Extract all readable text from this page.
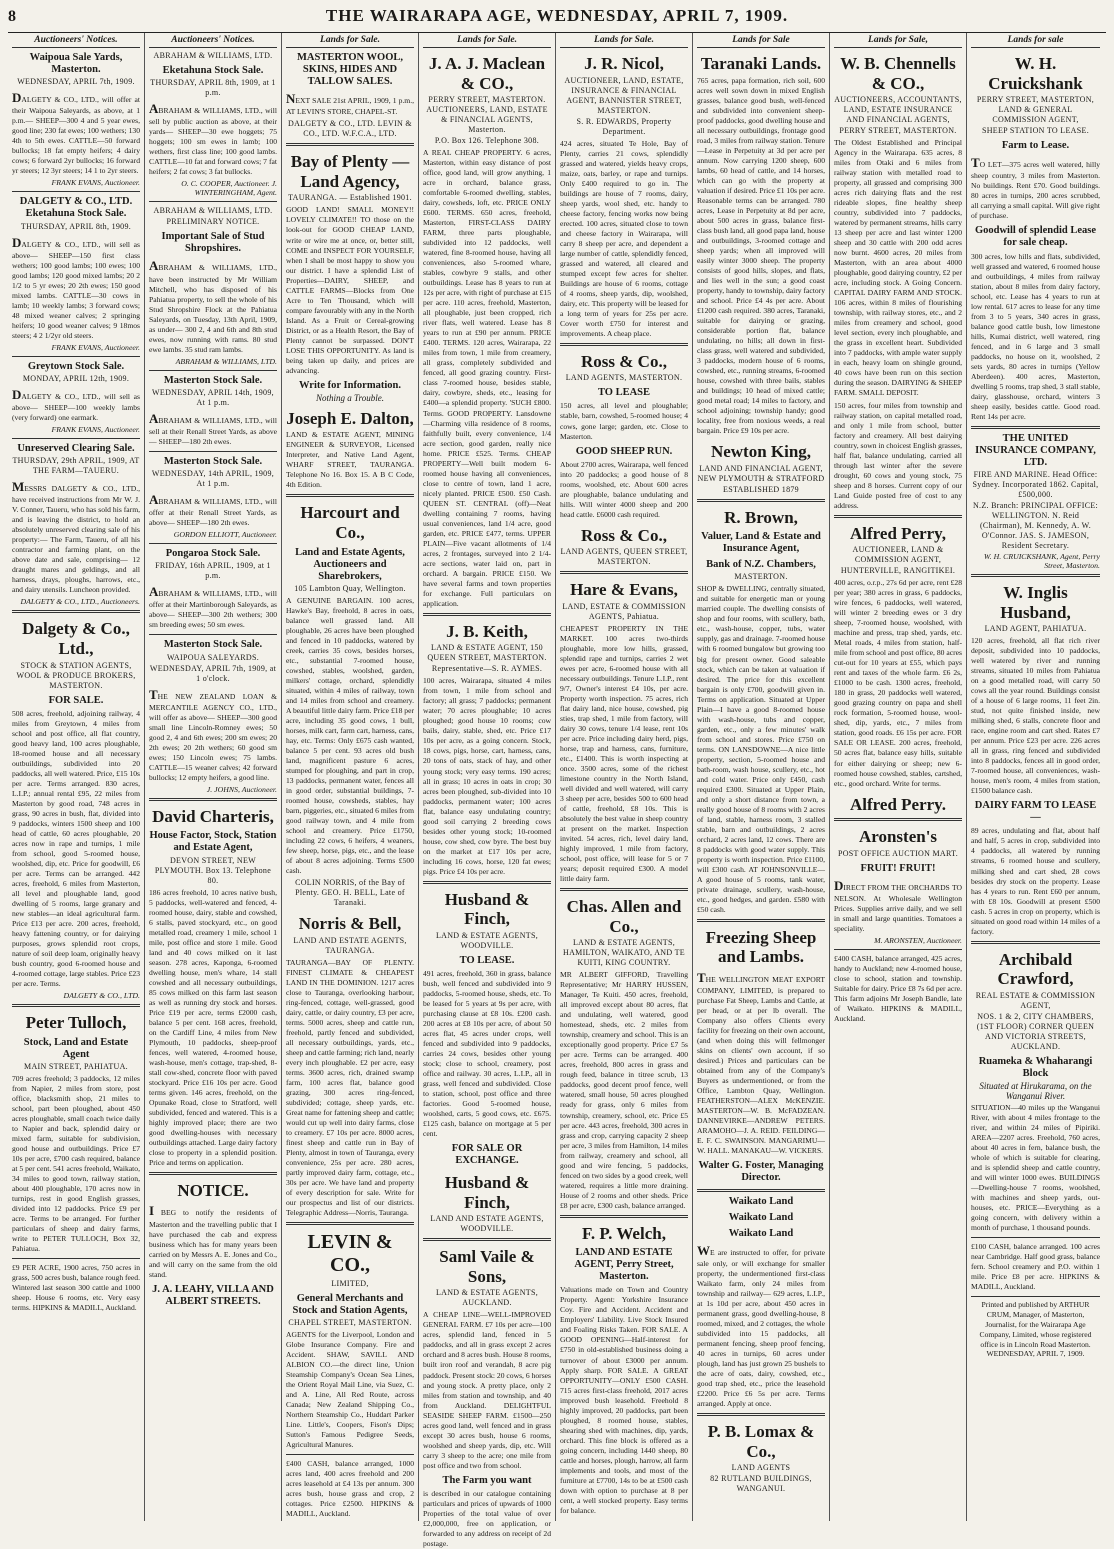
8	THE WAIRARAPA AGE, WEDNESDAY, APRIL 7, 1909.
Auctioneers' Notices.
Waipoua Sale Yards, Masterton.
WEDNESDAY, APRIL 7th, 1909.

DALGETY & CO., LTD., will offer at their Waipoua Saleyards, as above, at 1 p.m.— SHEEP—300 4 and 5 year ewes, good line; 230 fat ewes; 100 wethers; 130 4th to 5th ewes. CATTLE—50 forward bullocks; 18 fat empty heifers; 4 dairy cows; 6 forward 2yr bullocks; 16 forward yr steers; 12 3yr steers; 14 1 to 2yr steers.

FRANK EVANS, Auctioneer.
DALGETY & CO., LTD. Eketahuna Stock Sale.
THURSDAY, APRIL 8th, 1909.

DALGETY & CO., LTD., will sell as above— SHEEP—150 first class wethers; 100 good lambs; 100 ewes; 100 good lambs; 120 good mixed lambs; 20 2 1/2 to 5 yr ewes; 20 2th ewes; 150 good mixed lambs. CATTLE—30 cows in lamb; 10 weekly lambs; 3 forward cows; 48 mixed weaner calves; 2 springing heifers; 10 good weaner calves; 9 18mos steers; 4 2 1/2yr old steers.

FRANK EVANS, Auctioneer.
Greytown Stock Sale.
MONDAY, APRIL 12th, 1909.

DALGETY & CO., LTD., will sell as above— SHEEP—100 weekly lambs (very forward) one earmark.

FRANK EVANS, Auctioneer.
Unreserved Clearing Sale.
THURSDAY, 29th APRIL, 1909, AT THE FARM—TAUERU.

MESSRS DALGETY & CO., LTD., have received instructions from Mr W. J. V. Conner, Taueru, who has sold his farm, and is leaving the district, to hold an absolutely unreserved clearing sale of his property:— The Farm, Taueru, of all his contractor and farming plant, on the above date and sale, comprising— 12 draught mares and geldings, and all harness, drays, ploughs, harrows, etc., and dairy utensils. Luncheon provided.

DALGETY & CO., LTD., Auctioneers.
Dalgety & Co., Ltd.,
STOCK & STATION AGENTS, WOOL & PRODUCE BROKERS, MASTERTON.
FOR SALE.

508 acres, freehold, adjoining railway, 4 miles from Greytown, 4 miles from school and post office, all flat country, good heavy land, 100 acres ploughable, 18-roomed house and all necessary outbuildings, subdivided into 20 paddocks, all well watered. Price, £15 10s per acre. Terms arranged. 830 acres, L.I.P.; annual rental £95, 22 miles from Masterton by good road, 748 acres in grass, 90 acres in bush, flat, divided into 9 paddocks, winters 1500 sheep and 100 head of cattle, 60 acres ploughable, 20 acres now in rape and turnips, 1 mile from school, good 5-roomed house, woolshed, dip, etc. Price for goodwill, £6 per acre. Terms can be arranged. 442 acres, freehold, 6 miles from Masterton, all level and ploughable land, good dwelling of 5 rooms, large granary and new stables—an ideal agricultural farm. Price £13 per acre. 200 acres, freehold, heavy fattening country, or for dairying purposes, grows splendid root crops, nature of soil deep loam, originally heavy bush country, good 6-roomed house and 4-roomed cottage, large stables. Price £23 per acre. Terms.

DALGETY & CO., LTD.
Peter Tulloch,
Stock, Land and Estate Agent
MAIN STREET, PAHIATUA.

709 acres freehold; 3 paddocks, 12 miles from Napier, 2 miles from store, post office, blacksmith shop, 21 miles to school, part been ploughed, about 450 acres ploughable, small coach twice daily to Napier and back, splendid dairy or mixed farm, suitable for subdivision, good house and outbuildings. Price £7 10s per acre, £700 cash required, balance at 5 per cent. 541 acres freehold, Waikato, 34 miles to good town, railway station, about 400 ploughable, 170 acres now in turnips, rest in good English grasses, divided into 12 paddocks. Price £9 per acre. Terms to be arranged. For further particulars of sheep and dairy farms, write to PETER TULLOCH, Box 32, Pahiatua.

£9 PER ACRE, 1900 acres, 750 acres in grass, 500 acres bush, balance rough feed. Wintered last season 300 cattle and 1000 sheep. House 6 rooms, etc. Very easy terms. HIPKINS & MADILL, Auckland.

Auctioneers' Notices.
ABRAHAM & WILLIAMS, LTD.
Eketahuna Stock Sale.
THURSDAY, APRIL 8th, 1909, at 1 p.m.

ABRAHAM & WILLIAMS, LTD., will sell by public auction as above, at their yards— SHEEP—30 ewe hoggets; 75 hoggets; 100 sm ewes in lamb; 100 wethers, first class line; 100 good lambs. CATTLE—10 fat and forward cows; 7 fat heifers; 2 fat cows; 3 fat bullocks.

O. C. COOPER, Auctioneer. J. WINTERINGHAM, Agent.
ABRAHAM & WILLIAMS, LTD.
PRELIMINARY NOTICE.
Important Sale of Stud Shropshires.

ABRAHAM & WILLIAMS, LTD., have been instructed by Mr William Mitchell, who has disposed of his Pahiatua property, to sell the whole of his Stud Shropshire Flock at the Pahiatua Saleyards, on Tuesday, 13th April, 1909, as under— 300 2, 4 and 6th and 8th stud ewes, now running with rams. 80 stud ewe lambs. 35 stud ram lambs.

ABRAHAM & WILLIAMS, LTD.
Masterton Stock Sale.
WEDNESDAY, APRIL 14th, 1909, At 1 p.m.

ABRAHAM & WILLIAMS, LTD., will sell at their Renall Street Yards, as above— SHEEP—180 2th ewes.

Masterton Stock Sale.
WEDNESDAY, 14th APRIL, 1909, At 1 p.m.

ABRAHAM & WILLIAMS, LTD., will offer at their Renall Street Yards, as above— SHEEP—180 2th ewes.

GORDON ELLIOTT, Auctioneer.
Pongaroa Stock Sale.
FRIDAY, 16th APRIL, 1909, at 1 p.m.

ABRAHAM & WILLIAMS, LTD., will offer at their Martinborough Saleyards, as above— SHEEP—300 2th wethers; 300 sm breeding ewes; 50 sm ewes.

Masterton Stock Sale.
WAIPOUA SALEYARDS.
WEDNESDAY, APRIL 7th, 1909, at 1 o'clock.

THE NEW ZEALAND LOAN & MERCANTILE AGENCY CO., LTD., will offer as above— SHEEP—300 good small line Lincoln-Romney ewes; 50 good 2, 4 and 6th ewes; 200 sm ewes; 20 2th ewes; 20 2th wethers; 60 good sm ewes; 150 Lincoln ewes; 75 lambs. CATTLE—15 weaner calves; 42 forward bullocks; 12 empty heifers, a good line.

J. JOHNS, Auctioneer.
David Charteris,
House Factor, Stock, Station and Estate Agent,
DEVON STREET, NEW PLYMOUTH. Box 13. Telephone 80.

186 acres freehold, 10 acres native bush, 5 paddocks, well-watered and fenced, 4-roomed house, dairy, stable and cowshed, 6 stalls, paved stockyard, etc., on good metalled road, creamery 1 mile, school 1 mile, post office and store 1 mile. Good land and 40 cows milked on it last season. 278 acres, Kaponga, 6-roomed dwelling house, men's whare, 14 stall cowshed and all necessary outbuildings, 85 cows milked on this farm last season as well as running dry stock and horses. Price £19 per acre, terms £2000 cash, balance 5 per cent. 168 acres, freehold, on the Cardiff Line, 4 miles from New Plymouth, 10 paddocks, sheep-proof fences, well watered, 4-roomed house, wash-house, men's cottage, trap-shed, 8-stall cow-shed, concrete floor with paved stockyard. Price £16 10s per acre. Good terms given. 146 acres, freehold, on the Opunake Road, close to Stratford, well subdivided, fenced and watered. This is a highly improved place; there are two good dwelling-houses with necessary outbuildings attached. Large dairy factory close to property in a splendid position. Price and terms on application.

NOTICE.

I BEG to notify the residents of Masterton and the travelling public that I have purchased the cab and express business which has for many years been carried on by Messrs A. E. Jones and Co., and will carry on the same from the old stand.

J. A. LEAHY, VILLA AND ALBERT STREETS.
Lands for Sale.
MASTERTON WOOL, SKINS, HIDES AND TALLOW SALES.

NEXT SALE 21st APRIL, 1909, 1 p.m., AT LEVIN'S STORE, CHAPEL-ST.

DALGETY & CO., LTD. LEVIN & CO., LTD. W.F.C.A., LTD.
Bay of Plenty — Land Agency,
TAURANGA. — Established 1901.

GOOD LAND! SMALL MONEY!! LOVELY CLIMATE!! TO those on the look-out for GOOD CHEAP LAND, write or wire me at once, or, better still, COME and INSPECT FOR YOURSELF, when I shall be most happy to show you our district. I have a splendid List of Properties—DAIRY, SHEEP, and CATTLE FARMS—Blocks from One Acre to Ten Thousand, which will compare favourably with any in the North Island. As a Fruit or Cereal-growing District, or as a Health Resort, the Bay of Plenty cannot be surpassed. DON'T LOSE THIS OPPORTUNITY. As land is being taken up daily, and prices are advancing.

Write for Information.
Nothing a Trouble.
Joseph E. Dalton,

LAND & ESTATE AGENT, MINING ENGINEER & SURVEYOR, Licensed Interpreter, and Native Land Agent, WHARF STREET, TAURANGA. Telephone No 16. Box 15. A B C Code, 4th Edition.

Harcourt and Co.,
Land and Estate Agents, Auctioneers and Sharebrokers,
105 Lambton Quay, Wellington.

A GENUINE BARGAIN. 100 acres, Hawke's Bay, freehold, 8 acres in oats, balance well grassed land. All ploughable, 26 acres have been ploughed and fenced in 10 paddocks, watered by creek, carries 35 cows, besides horses, etc., substantial 7-roomed house, cowshed, stables, woolshed, garden, milkers' cottage, orchard, splendidly situated, within 4 miles of railway, town and 14 miles from school and creamery. A beautiful little dairy farm. Price £18 per acre, including 35 good cows, 1 bull, horses, milk cart, farm cart, harness, cans, hay, etc. Terms: Only £675 cash wanted, balance 5 per cent. 93 acres old bush land, magnificent pasture 6 acres, stumped for ploughing, and part in crop, 13 paddocks, permanent water, fences all in good order, substantial buildings, 7-roomed house, cowsheds, stables, hay barn, piggeries, etc., situated 6 miles from good railway town, and 4 mile from school and creamery. Price £1750, including 22 cows, 6 heifers, 4 weaners, few sheep, horse, pigs, etc., and the lease of about 8 acres adjoining. Terms £500 cash.

COLIN NORRIS, of the Bay of Plenty. GEO. H. BELL, Late of Taranaki.
Norris & Bell,
LAND AND ESTATE AGENTS, TAURANGA.

TAURANGA—BAY OF PLENTY. FINEST CLIMATE & CHEAPEST LAND IN THE DOMINION. 1217 acres close to Tauranga, overlooking harbour, ring-fenced, cottage, well-grassed, good dairy, cattle, or dairy country, £3 per acre, terms. 5000 acres, sheep and cattle run, freehold, partly fenced and subdivided, all necessary outbuildings, yards, etc., sheep and cattle farming; rich land, nearly every inch ploughable. £2 per acre, easy terms. 3600 acres, rich, drained swamp farm, 100 acres flat, balance good grazing, 300 acres ring-fenced, subdivided; cottage, sheep yards, etc. Great name for fattening sheep and cattle; would cut up well into dairy farms, close to creamery. £7 10s per acre. 8000 acres, finest sheep and cattle run in Bay of Plenty, almost in town of Tauranga, every convenience, 25s per acre. 280 acres, partly improved dairy farm, cottage, etc., 30s per acre. We have land and property of every description for sale. Write for our prospectus and list of our districts. Telegraphic Address—Norris, Tauranga.

LEVIN & CO.,
LIMITED,
General Merchants and Stock and Station Agents,
CHAPEL STREET, MASTERTON.

AGENTS for the Liverpool, London and Globe Insurance Company. Fire and Accident. SHAW, SAVILL AND ALBION CO.—the direct line, Union Steamship Company's Ocean Sea Lines, the Orient Royal Mail Line, via Suez, C. and A. Line, All Red Route, across Canada; New Zealand Shipping Co., Northern Steamship Co., Huddart Parker Line. Little's, Coopers, Fison's Dips; Sutton's Famous Pedigree Seeds, Agricultural Manures.

£400 CASH, balance arranged, 1000 acres land, 400 acres freehold and 200 acres leasehold at £4 13s per annum. 300 acres bush, house grass and crop, 2 cottages. Price £2500. HIPKINS & MADILL, Auckland.

Lands for Sale.
J. A. J. Maclean & CO.,
PERRY STREET, MASTERTON. AUCTIONEERS, LAND, ESTATE & FINANCIAL AGENTS, Masterton.
P.O. Box 126. Telephone 308.

A REAL CHEAP PROPERTY. 6 acres, Masterton, within easy distance of post office, good land, will grow anything, 1 acre in orchard, balance grass, comfortable 6-roomed dwelling, stables, dairy, cowsheds, loft, etc. PRICE ONLY £600. TERMS. 650 acres, freehold, Masterton, FIRST-CLASS DAIRY FARM, three parts ploughable, subdivided into 12 paddocks, well watered, fine 8-roomed house, having all conveniences, also 5-roomed whare, stables, cowbyre 9 stalls, and other outbuildings. Lease has 8 years to run at 12s per acre, with right of purchase at £15 per acre. 110 acres, freehold, Masterton, all ploughable, just been cropped, rich river flats, well watered. Lease has 8 years to run at £90 per annum. PRICE £400. TERMS. 120 acres, Wairarapa, 22 miles from town, 1 mile from creamery, all grass, completely subdivided and fenced, all good grazing country. First-class 7-roomed house, besides stable, dairy, cowbyre, sheds, etc., leasing for £400—a splendid property. 'SUCH £800. Terms. GOOD PROPERTY. Lansdowne—Charming villa residence of 8 rooms, faithfully built, every convenience, 1/4 acre section, good garden, really nice home. PRICE £525. Terms. CHEAP PROPERTY—Well built modern 6-roomed house having all conveniences, close to centre of town, land 1 acre, nicely planted. PRICE £500. £50 Cash. QUEEN ST. CENTRAL (off)—Neat dwelling containing 7 rooms, having usual conveniences, land 1/4 acre, good garden, etc. PRICE £477, terms. UPPER PLAIN—Five vacant allotments of 1/4 acres, 2 frontages, surveyed into 2 1/4-acre sections, water laid on, part in orchard. A bargain. PRICE £150. We have several farms and town properties for exchange. Full particulars on application.

J. B. Keith,
LAND & ESTATE AGENT, 150 QUEEN STREET, MASTERTON.
Representative—S. R. AYMES.

100 acres, Wairarapa, situated 4 miles from town, 1 mile from school and factory; all grass; 7 paddocks; permanent water; 70 acres ploughable; 10 acres ploughed; good house 10 rooms; cow bails, dairy, stable, shed, etc. Price £17 10s per acre, as a going concern. Stock, 18 cows, pigs, horse, cart, harness, cans, 20 tons of oats, stack of hay, and other young stock; very easy terms. 190 acres; all in grass; 10 acres in oats in crop; 30 acres been ploughed, sub-divided into 10 paddocks, permanent water; 100 acres flat, balance easy undulating country; good soil carrying 2 breeding cows besides other young stock; 10-roomed house, cow shed, cow byre. The best buy on the market at £17 10s per acre, including 16 cows, horse, 120 fat ewes; pigs. Price £4 10s per acre.

Husband & Finch,
LAND & ESTATE AGENTS, WOODVILLE.
TO LEASE.

491 acres, freehold, 360 in grass, balance bush, well fenced and subdivided into 9 paddocks, 5-roomed house, sheds, etc. To be leased for 5 years at 9s per acre, with purchasing clause at £8 10s. £200 cash. 200 acres at £8 10s per acre, of about 50 acres flat, 45 acres under crops, well fenced and subdivided into 9 paddocks, carries 24 cows, besides other young stock; close to school, creamery, post office and railway. 30 acres, L.I.P., all in grass, well fenced and subdivided. Close to station, school, post office and three factories. Good 5-roomed house, woolshed, carts, 5 good cows, etc. £675. £125 cash, balance on mortgage at 5 per cent.

FOR SALE OR EXCHANGE.
Husband & Finch,
LAND AND ESTATE AGENTS, WOODVILLE.
Saml Vaile & Sons,
LAND & ESTATE AGENTS, AUCKLAND.

A CHEAP LINE—WELL-IMPROVED GENERAL FARM. £7 10s per acre—100 acres, splendid land, fenced in 5 paddocks, and all in grass except 2 acres orchard and 8 acres bush. House 8 rooms, built iron roof and verandah, 8 acre pig paddock. Present stock: 20 cows, 6 horses and young stock. A pretty place, only 2 miles from station and township, and 40 from Auckland. DELIGHTFUL SEASIDE SHEEP FARM. £1500—250 acres good land, well fenced and in grass except 30 acres bush, house 6 rooms, woolshed and sheep yards, dip, etc. Will carry 3 sheep to the acre; one mile from post office and two from school.

The Farm you want

is described in our catalogue containing particulars and prices of upwards of 1000 Properties of the total value of over £2,000,000, free on application, or forwarded to any address on receipt of 2d postage.

Lands for Sale.
J. R. Nicol,
AUCTIONEER, LAND, ESTATE, INSURANCE & FINANCIAL AGENT, BANNISTER STREET, MASTERTON.
S. R. EDWARDS, Property Department.

424 acres, situated Te Hole, Bay of Plenty, carries 21 cows, splendidly grassed and watered, yields heavy crops, maize, oats, barley, or rape and turnips. Only £400 required to go in. The buildings are house of 7 rooms, dairy, sheep yards, wool shed, etc. handy to cheese factory, fencing works now being erected. 100 acres, situated close to town and cheese factory in Wairarapa, will carry 8 sheep per acre, and dependent a large number of cattle, splendidly fenced, grassed and watered, all cleared and stumped except few acres for shelter. Buildings are house of 6 rooms, cottage of 4 rooms, sheep yards, dip, woolshed, dairy, etc. This property will be leased for a long term of years for 25s per acre. Cover worth £750 for interest and improvements. A cheap place.

Ross & Co.,
LAND AGENTS, MASTERTON.
TO LEASE

150 acres, all level and ploughable; stable, barn, cowshed, 5-roomed house; 4 cows, gone large; garden, etc. Close to Masterton.

GOOD SHEEP RUN.

About 2700 acres, Wairarapa, well fenced into 20 paddocks; a good house of 8 rooms, woolshed, etc. About 600 acres are ploughable, balance undulating and hills. Will winter 4000 sheep and 200 head cattle. £6000 cash required.

Ross & Co.,
LAND AGENTS, QUEEN STREET, MASTERTON.
Hare & Evans,
LAND, ESTATE & COMMISSION AGENTS, Pahiatua.

CHEAPEST PROPERTY IN THE MARKET. 100 acres two-thirds ploughable, more low hills, grassed, splendid rape and turnips, carries 2 wet ewes per acre, 6-roomed house with all necessary outbuildings. Tenure L.I.P., rent 9/7, Owner's interest £4 10s, per acre. Property worth inspection. 75 acres, rich flat dairy land, nice house, cowshed, pig sties, trap shed, 1 mile from factory, will dairy 30 cows, tenure 1/4 lease, rent 10s per acre. Price including dairy herd, pigs, horse, trap and harness, cans, furniture, etc., £1400. This is worth inspecting at once. 3500 acres, some of the richest limestone country in the North Island, well divided and well watered, will carry 3 sheep per acre, besides 500 to 600 head of cattle, freehold, £8 10s. This is absolutely the best value in sheep country at present on the market. Inspection invited. 54 acres, rich, level dairy land, highly improved, 1 mile from factory, school, post office, will lease for 5 or 7 years; deposit required £300. A model little dairy farm.

Chas. Allen and Co.,
LAND & ESTATE AGENTS, HAMILTON, WAIKATO, AND TE KUITI, KING COUNTRY.

MR ALBERT GIFFORD, Travelling Representative; Mr HARRY HUSSEN, Manager, Te Kuiti. 450 acres, freehold, all improved except about 80 acres, flat and undulating, well watered, good homestead, sheds, etc. 2 miles from township, creamery and school. This is an exceptionally good property. Price £7 5s per acre. Terms can be arranged. 400 acres, freehold, 800 acres in grass and rough feed, balance in titree scrub, 13 paddocks, good decent proof fence, well watered, small house, 50 acres ploughed ready for grass, only 6 miles from township, creamery, school, etc. Price £5 per acre. 443 acres, freehold, 300 acres in grass and crop, carrying capacity 2 sheep per acre, 3 miles from Hamilton, 14 miles from railway, creamery and school, all good and wire fencing, 5 paddocks, fenced on two sides by a good creek, well watered, requires a little more draining. House of 2 rooms and other sheds. Price £8 per acre, £300 cash, balance arranged.

F. P. Welch,
LAND AND ESTATE AGENT, Perry Street, Masterton.

Valuations made on Town and Country Property. Agent: Yorkshire Insurance Coy. Fire and Accident. Accident and Employers' Liability. Live Stock Insured and Foaling Risks Taken. FOR SALE. A GOOD OPENING—Half-interest for £750 in old-established business doing a turnover of about £3000 per annum. Apply sharp. FOR SALE. A GREAT OPPORTUNITY—ONLY £500 CASH. 715 acres first-class freehold, 2017 acres improved bush leasehold. Freehold 8 highly improved, 20 paddocks, part been ploughed, 8 roomed house, stables, shearing shed with machines, dip, yards, orchard. This fine block is offered as a going concern, including 1440 sheep, 80 cattle and horses, plough, harrow, all farm implements and tools, and most of the furniture at £7700, 14s to be at £500 cash down with option to purchase at 8 per cent, a well stocked property. Easy terms for balance.

Lands for Sale
Taranaki Lands.

765 acres, papa formation, rich soil, 600 acres well sown down in mixed English grasses, balance good bush, well-fenced and subdivided into convenient sheep-proof paddocks, good dwelling house and all necessary outbuildings, frontage good road, 3 miles from railway station. Tenure—Lease in Perpetuity at 3d per acre per annum. Now carrying 1200 sheep, 600 lambs, 60 head of cattle, and 14 horses, which can go with the property at valuation if desired. Price £1 10s per acre. Reasonable terms can be arranged. 780 acres, Lease in Perpetuity at 8d per acre, about 500 acres in grass, balance first-class bush land, all good papa land, house and outbuildings, 3-roomed cottage and sheep yards; when all improved will easily winter 3000 sheep. The property consists of good hills, slopes, and flats, and lies well in the sun; a good coast property, handy to township, dairy factory and school. Price £4 4s per acre. About £1200 cash required. 380 acres, Taranaki, suitable for dairying or grazing, considerable portion flat, balance undulating, no hills; all down in first-class grass, well watered and subdivided, 3 paddocks, modern house of 6 rooms, cowshed, etc., running streams, 6-roomed house, cowshed with three bails, stables and buildings; 10 head of mixed cattle; good metal road; 14 miles to factory, and school adjoining; township handy; good locality, free from noxious weeds, a real bargain. Price £9 10s per acre.

Newton King,
LAND AND FINANCIAL AGENT, NEW PLYMOUTH & STRATFORD
ESTABLISHED 1879
R. Brown,
Valuer, Land & Estate and Insurance Agent,
Bank of N.Z. Chambers,
MASTERTON.

SHOP & DWELLING, centrally situated, and suitable for energetic man or young married couple. The dwelling consists of shop and four rooms, with scullery, bath, etc., wash-house, copper, tubs, water supply, gas and drainage. 7-roomed house with 6 roomed bungalow but growing too big for present owner. Good saleable stock, which can be taken at valuation if desired. The price for this excellent bargain is only £700, goodwill given in. Terms on application. Situated at Upper Plain—I have a good 8-roomed house with wash-house, tubs and copper, garden, etc., only a few minutes' walk from school and stores. Price £750 on terms. ON LANSDOWNE—A nice little property, section, 5-roomed house and bath-room, wash house, scullery, etc., hot and cold water. Price only £450, cash required £300. Situated at Upper Plain, and only a short distance from town, a really good house of 8 rooms with 2 acres of land, stable, harness room, 3 stalled stable, barn and outbuildings, 2 acres orchard, 2 acres land, 12 cows. There are 8 paddocks with good water supply. This property is worth inspection. Price £1100, will £300 cash. AT JOHNSONVILLE—A good house of 5 rooms, tank water, private drainage, scullery, wash-house, etc., good hedges, and garden. £580 with £50 cash.

Freezing Sheep and Lambs.

THE WELLINGTON MEAT EXPORT COMPANY, LIMITED, is prepared to purchase Fat Sheep, Lambs and Cattle, at per head, or at per lb overall. The Company also offers Clients every facility for freezing on their own account, (and when doing this will fellmonger skins on clients' own account, if so desired.) Prices and particulars can be obtained from any of the Company's Buyers as undermentioned, or from the Office, Lambton Quay, Wellington. FEATHERSTON—ALEX McKENZIE. MASTERTON—W. B. McFADZEAN. DANNEVIRKE—ANDREW PETERS. ARAMOHO—J. A. REID. FEILDING—E. F. C. SWAINSON. MANGARIMU—W. HALL. MANAKAU—W. VICKERS.

Walter G. Foster, Managing Director.
Waikato Land
Waikato Land
Waikato Land

WE are instructed to offer, for private sale only, or will exchange for smaller property, the undermentioned first-class Waikato farm, only 24 miles from township and railway— 629 acres, L.I.P., at 1s 10d per acre, about 450 acres in permanent grass, good dwelling-house, 8 roomed, mixed, and 2 cottages, the whole subdivided into 15 paddocks, all permanent fencing, sheep proof fencing, 40 acres in turnips, 60 acres under plough, land has just grown 25 bushels to the acre of oats, dairy, cowshed, etc., good trap shed, etc., price the leasehold £2200. Price £6 5s per acre. Terms arranged. Apply at once.

P. B. Lomax & Co.,
LAND AGENTS
82 RUTLAND BUILDINGS, WANGANUI.
Lands for Sale,
W. B. Chennells & CO.,
AUCTIONEERS, ACCOUNTANTS, LAND, ESTATE INSURANCE AND FINANCIAL AGENTS,
PERRY STREET, MASTERTON.

The Oldest Established and Principal Agency in the Wairarapa. 635 acres, 8 miles from Otaki and 6 miles from railway station with metalled road to property, all grassed and comprising 300 acres rich dairying flats and the rest rideable slopes, fine healthy sheep country, subdivided into 7 paddocks, watered by permanent streams, hills carry 13 sheep per acre and last winter 1200 sheep and 30 cattle with 200 odd acres now burnt. 4600 acres, 20 miles from Masterton, with an area about 4000 ploughable, good dairying country, £2 per acre, including stock. A Going Concern. CAPITAL DAIRY FARM AND STOCK. 106 acres, within 8 miles of flourishing township, with railway stores, etc., and 2 miles from creamery and school, good level section, every inch ploughable, and the grass in excellent heart. Subdivided into 7 paddocks, with ample water supply in each, heavy loam on shingle ground, 40 cows have been run on this section during the season. DAIRYING & SHEEP FARM. SMALL DEPOSIT.

150 acres, four miles from township and railway station, on capital metalled road, and only 1 mile from school, butter factory and creamery. All best dairying country, sown in choicest English grasses, half flat, balance undulating, carried all through last winter after the severe drought, 60 cows and young stock, 75 sheep and 8 horses. Current copy of our Land Guide posted free of cost to any address.

Alfred Perry,
AUCTIONEER, LAND & COMMISSION AGENT,
HUNTERVILLE, RANGITIKEI.

400 acres, o.r.p., 27s 6d per acre, rent £28 per year; 380 acres in grass, 6 paddocks, wire fences, 6 paddocks, well watered, will winter 2 breeding ewes or 3 dry sheep, 7-roomed house, woolshed, with machine and press, trap shed, yards, etc. Metal roads, 4 miles from station, half-mile from school and post office, 80 acres cut-out for 10 years at £55, which pays rent and taxes of the whole farm. £6 2s, £1000 to be cash. 1300 acres, freehold, 180 in grass, 20 paddocks well watered, good grazing country on papa and shell rock formation, 5-roomed house, wool-shed, dip, yards, etc., 7 miles from station, good roads. £6 15s per acre. FOR SALE OR LEASE. 200 acres, freehold, 50 acres flat, balance easy hills, suitable for either dairying or sheep; new 6-roomed house cowshed, stables, cartshed, etc., good orchard. Write for terms.

Alfred Perry.
Aronsten's
POST OFFICE AUCTION MART.
FRUIT! FRUIT!

DIRECT FROM THE ORCHARDS TO NELSON. At Wholesale Wellington Prices. Supplies arrive daily, and we sell in small and large quantities. Tomatoes a speciality.

M. ARONSTEN, Auctioneer.

£400 CASH, balance arranged, 425 acres, handy to Auckland; new 4-roomed house, close to school, station and township. Suitable for dairy. Price £8 7s 6d per acre. This farm adjoins Mr Joseph Bandle, late of Waikato. HIPKINS & MADILL, Auckland.

Lands for sale
W. H. Cruickshank
PERRY STREET, MASTERTON, LAND & GENERAL COMMISSION AGENT,
SHEEP STATION TO LEASE.
Farm to Lease.

TO LET—375 acres well watered, hilly sheep country, 3 miles from Masterton. No buildings. Rent £70. Good buildings. 80 acres in turnips, 200 acres scrubbed, all carrying a small capital. Will give right of purchase.

Goodwill of splendid Lease for sale cheap.

300 acres, low hills and flats, subdivided, well grassed and watered, 6 roomed house and outbuildings, 4 miles from railway station, about 8 miles from dairy factory, school, etc. Lease has 4 years to run at low rental. 617 acres to lease for any time from 3 to 5 years, 340 acres in grass, balance good cattle bush, low limestone hills, Kumai district, well watered, ring fenced, and in 6 large and 3 small paddocks, no house on it, woolshed, 2 sets yards, 80 acres in turnips (Yellow Aberdeen). 400 acres, Masterton, dwelling 5 rooms, trap shed, 3 stall stable, dairy, glasshouse, orchard, winters 3 sheep easily, besides cattle. Good road. Rent 14s per acre.

THE UNITED INSURANCE COMPANY, LTD.
FIRE AND MARINE. Head Office: Sydney. Incorporated 1862. Capital, £500,000.
N.Z. Branch: PRINCIPAL OFFICE: WELLINGTON. N. Reid (Chairman), M. Kennedy, A. W. O'Connor. JAS. S. JAMESON, Resident Secretary.
W. H. CRUICKSHANK, Agent, Perry Street, Masterton.
W. Inglis Husband,
LAND AGENT, PAHIATUA.

120 acres, freehold, all flat rich river deposit, subdivided into 10 paddocks, well watered by river and running streams, situated 10 miles from Pahiatua on a good metalled road, will carry 50 cows all the year round. Buildings consist of a house of 6 large rooms, 11 feet 2in. stud, not quite finished inside, new milking shed, 6 stalls, concrete floor and race, engine room and cart shed. Rates £7 per annum. Price £23 per acre. 226 acres all in grass, ring fenced and subdivided into 8 paddocks, fences all in good order, 7-roomed house, all conveniences, wash-house, men's room, 4 miles from station, £1500 balance cash.

DAIRY FARM TO LEASE—

89 acres, undulating and flat, about half and half, 5 acres in crop, subdivided into 4 paddocks, all watered by running streams, 6 roomed house and scullery, milking shed and cart shed, 28 cows besides dry stock on the property. Lease has 4 years to run. Rent £60 per annum, with £8 10s. Goodwill at present £500 cash. 5 acres in crop on property, which is situated on good road within 14 miles of a factory.

Archibald Crawford,
REAL ESTATE & COMMISSION AGENT,
NOS. 1 & 2, CITY CHAMBERS, (1ST FLOOR) CORNER QUEEN AND VICTORIA STREETS, AUCKLAND.
Ruameka & Whaharangi Block
Situated at Hirukarama, on the Wanganui River.

SITUATION—40 miles up the Wanganui River, with about 4 miles frontage to the river, and within 24 miles of Pipiriki. AREA—2207 acres. Freehold, 760 acres, about 40 acres in fern, balance bush, the whole of which is suitable for clearing, and is splendid sheep and cattle country, and will winter 1000 ewes. BUILDINGS—Dwelling-house 7 rooms, woolshed, with machines and sheep yards, out-houses, etc. PRICE—Everything as a going concern, with delivery within a month of purchase, 1 thousand pounds.

£100 CASH, balance arranged. 100 acres near Cambridge. Half good grass, balance fern. School creamery and P.O. within 1 mile. Price £8 per acre. HIPKINS & MADILL, Auckland.

Printed and published by ARTHUR CRUM, Manager, of Masterton, Journalist, for the Wairarapa Age Company, Limited, whose registered office is in Lincoln Road Masterton. WEDNESDAY, APRIL 7, 1909.
